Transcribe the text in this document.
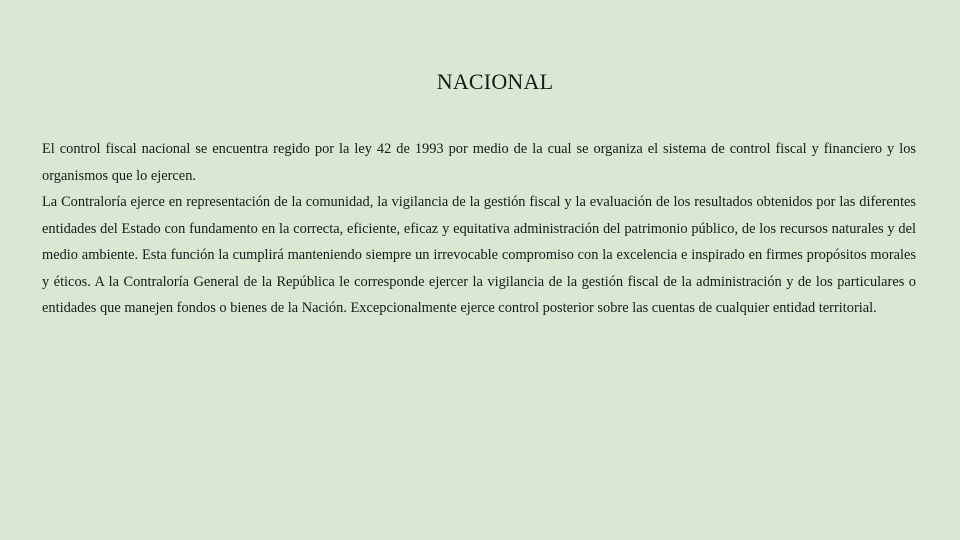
NACIONAL

El control fiscal nacional se encuentra regido por la ley 42 de 1993 por medio de la cual se organiza el sistema de control fiscal y financiero y los organismos que lo ejercen.

La Contraloría ejerce en representación de la comunidad, la vigilancia de la gestión fiscal y la evaluación de los resultados obtenidos por las diferentes entidades del Estado con fundamento en la correcta, eficiente, eficaz y equitativa administración del patrimonio público, de los recursos naturales y del medio ambiente. Esta función la cumplirá manteniendo siempre un irrevocable compromiso con la excelencia e inspirado en firmes propósitos morales y éticos. A la Contraloría General de la República le corresponde ejercer la vigilancia de la gestión fiscal de la administración y de los particulares o entidades que manejen fondos o bienes de la Nación. Excepcionalmente ejerce control posterior sobre las cuentas de cualquier entidad territorial.
